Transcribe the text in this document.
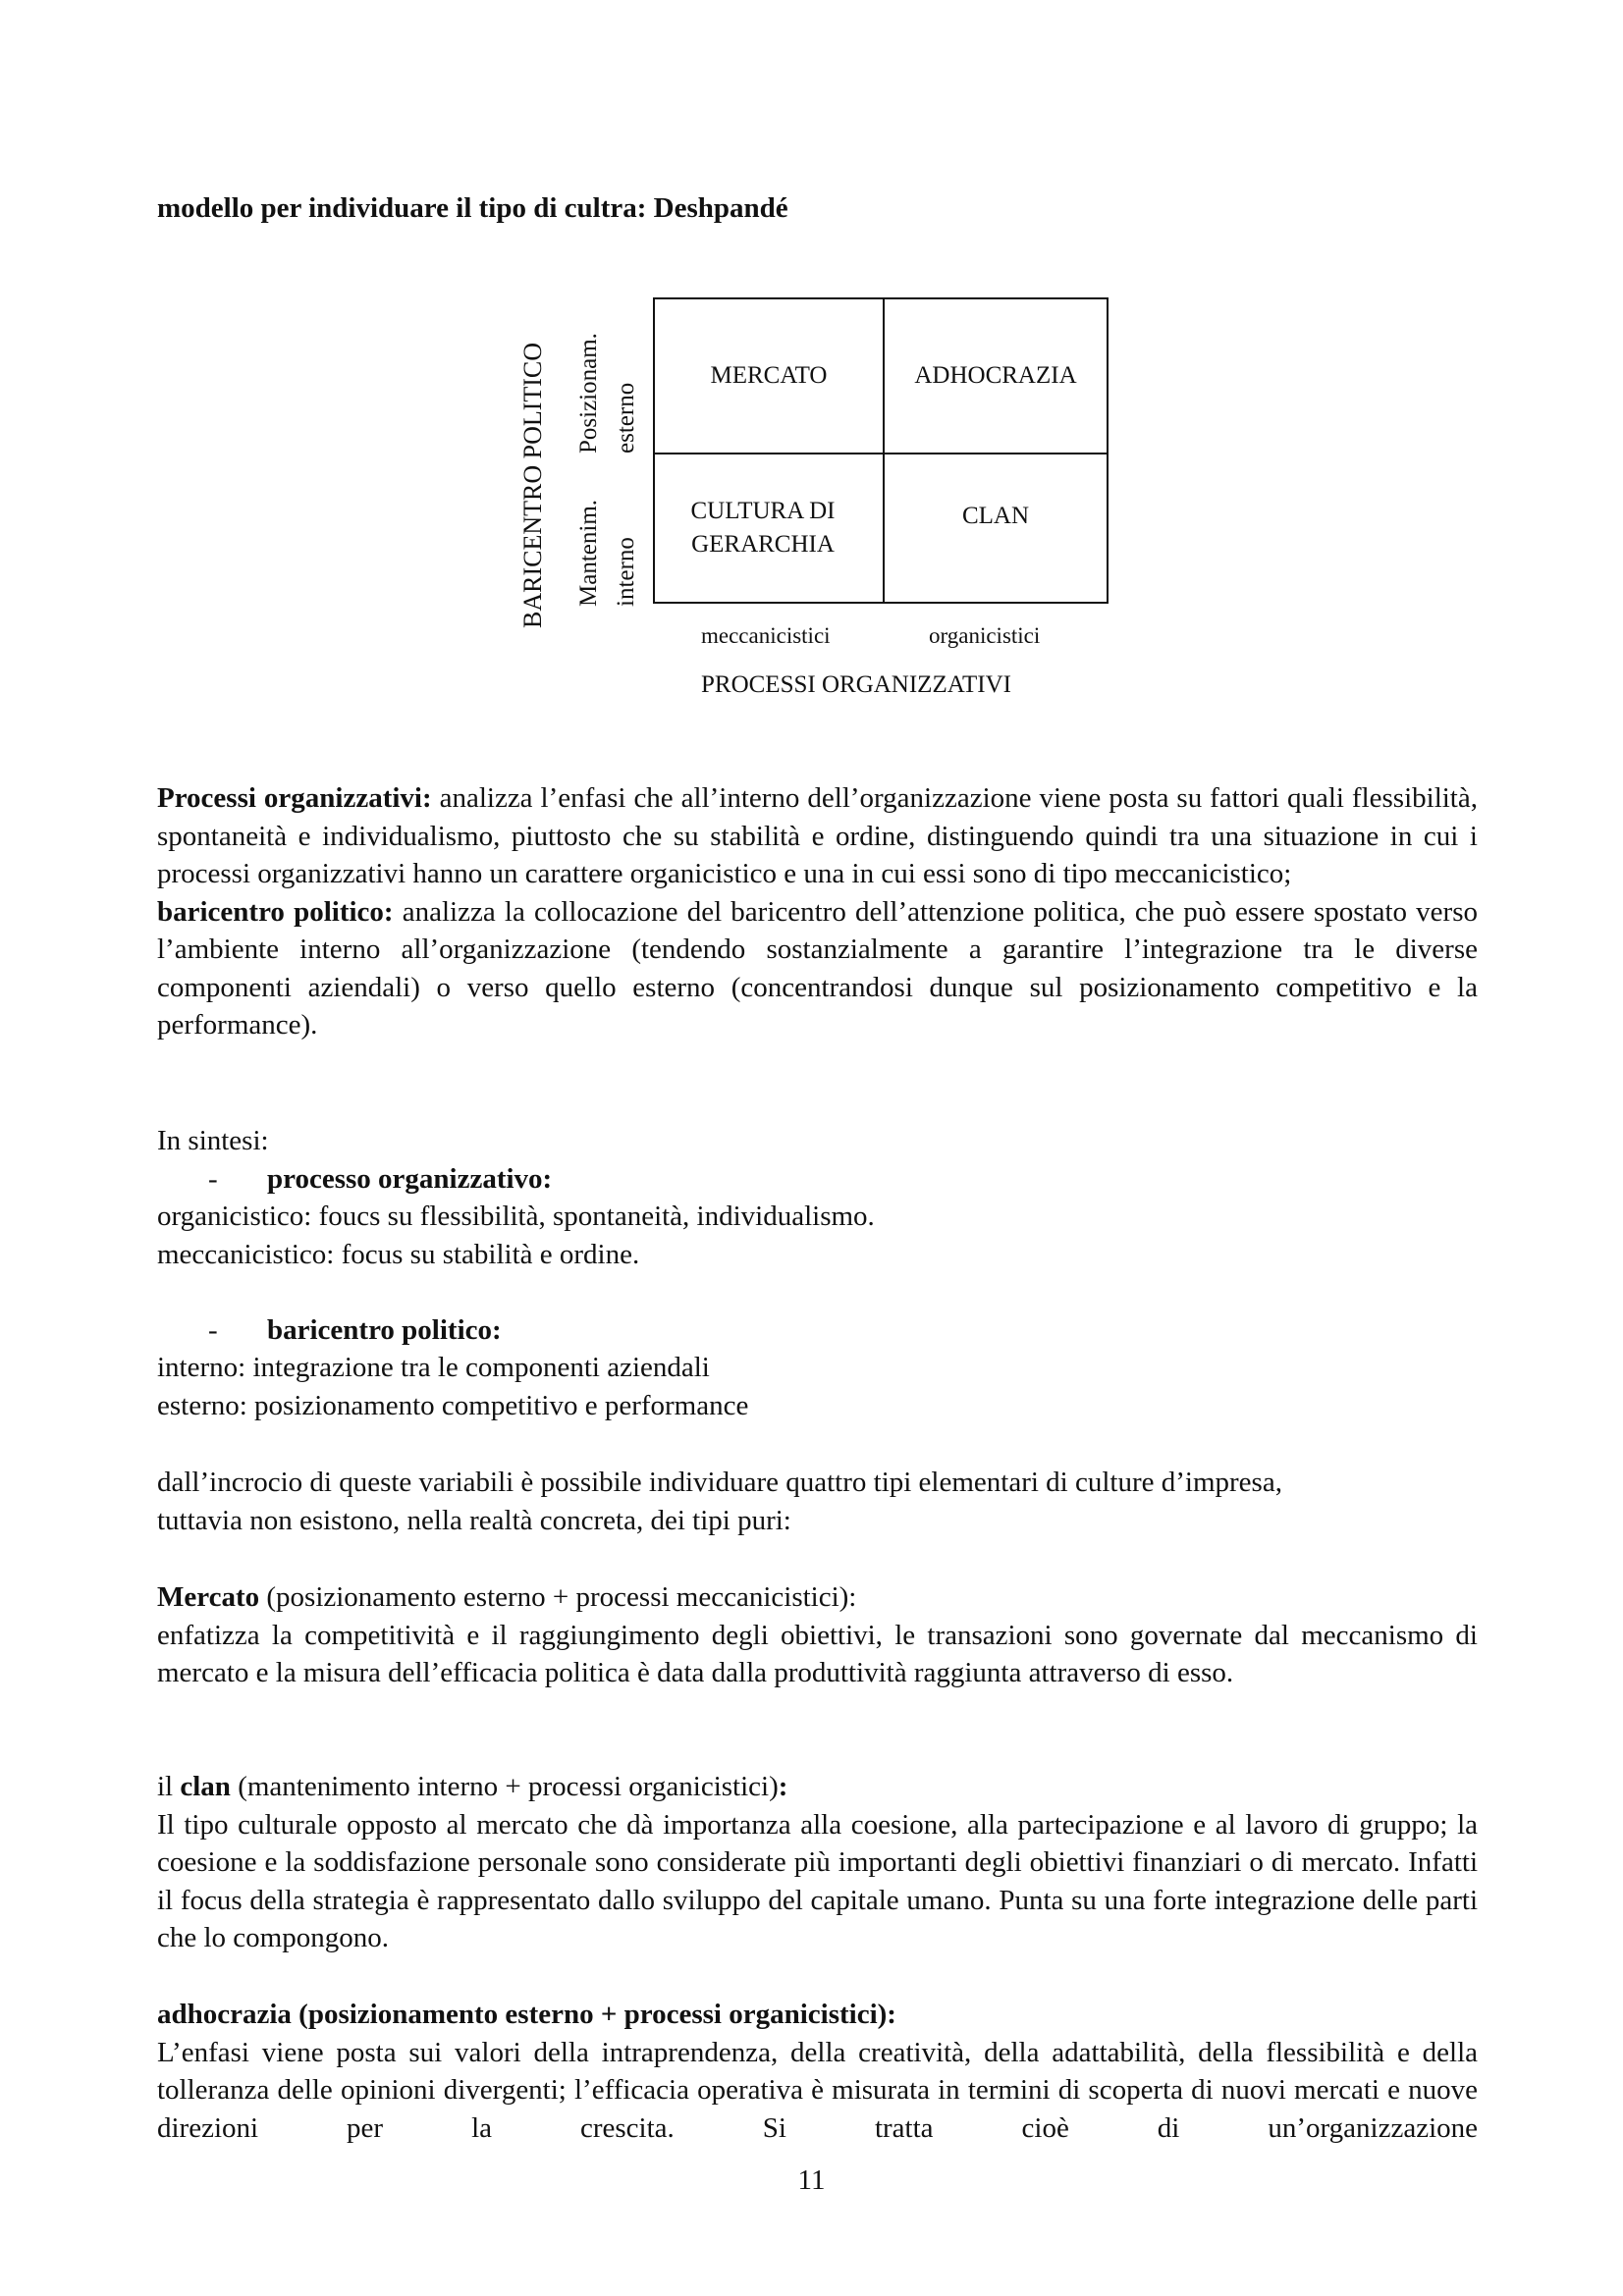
modello per individuare il tipo di cultra: Deshpandé
BARICENTRO POLITICO Posizionam. esterno
Mantenim. interno
MERCATO	ADHOCRAZIA
CULTURA DI
GERARCHIA
CLAN
meccanicistici	organicistici
PROCESSI ORGANIZZATIVI

Processi organizzativi: analizza l’enfasi che all’interno dell’organizzazione viene posta su fattori quali flessibilità, spontaneità e individualismo, piuttosto che su stabilità e ordine, distinguendo quindi tra una situazione in cui i processi organizzativi hanno un carattere organicistico e una in cui essi sono di tipo meccanicistico;

baricentro politico: analizza la collocazione del baricentro dell’attenzione politica, che può essere spostato verso l’ambiente interno all’organizzazione (tendendo sostanzialmente a garantire l’integrazione tra le diverse componenti aziendali) o verso quello esterno (concentrandosi dunque sul posizionamento competitivo e la performance).

In sintesi:

- processo organizzativo:

organicistico: foucs su flessibilità, spontaneità, individualismo.

meccanicistico: focus su stabilità e ordine.

- baricentro politico:

interno: integrazione tra le componenti aziendali

esterno: posizionamento competitivo e performance

dall’incrocio di queste variabili è possibile individuare quattro tipi elementari di culture d’impresa,

tuttavia non esistono, nella realtà concreta, dei tipi puri:

Mercato (posizionamento esterno + processi meccanicistici):

enfatizza la competitività e il raggiungimento degli obiettivi, le transazioni sono governate dal meccanismo di mercato e la misura dell’efficacia politica è data dalla produttività raggiunta attraverso di esso.

il clan (mantenimento interno + processi organicistici):

Il tipo culturale opposto al mercato che dà importanza alla coesione, alla partecipazione e al lavoro di gruppo; la coesione e la soddisfazione personale sono considerate più importanti degli obiettivi finanziari o di mercato. Infatti il focus della strategia è rappresentato dallo sviluppo del capitale umano. Punta su una forte integrazione delle parti che lo compongono.

adhocrazia (posizionamento esterno + processi organicistici):

L’enfasi viene posta sui valori della intraprendenza, della creatività, della adattabilità, della flessibilità e della tolleranza delle opinioni divergenti; l’efficacia operativa è misurata in termini di scoperta di nuovi mercati e nuove direzioni per la crescita. Si tratta cioè di un’organizzazione

11
